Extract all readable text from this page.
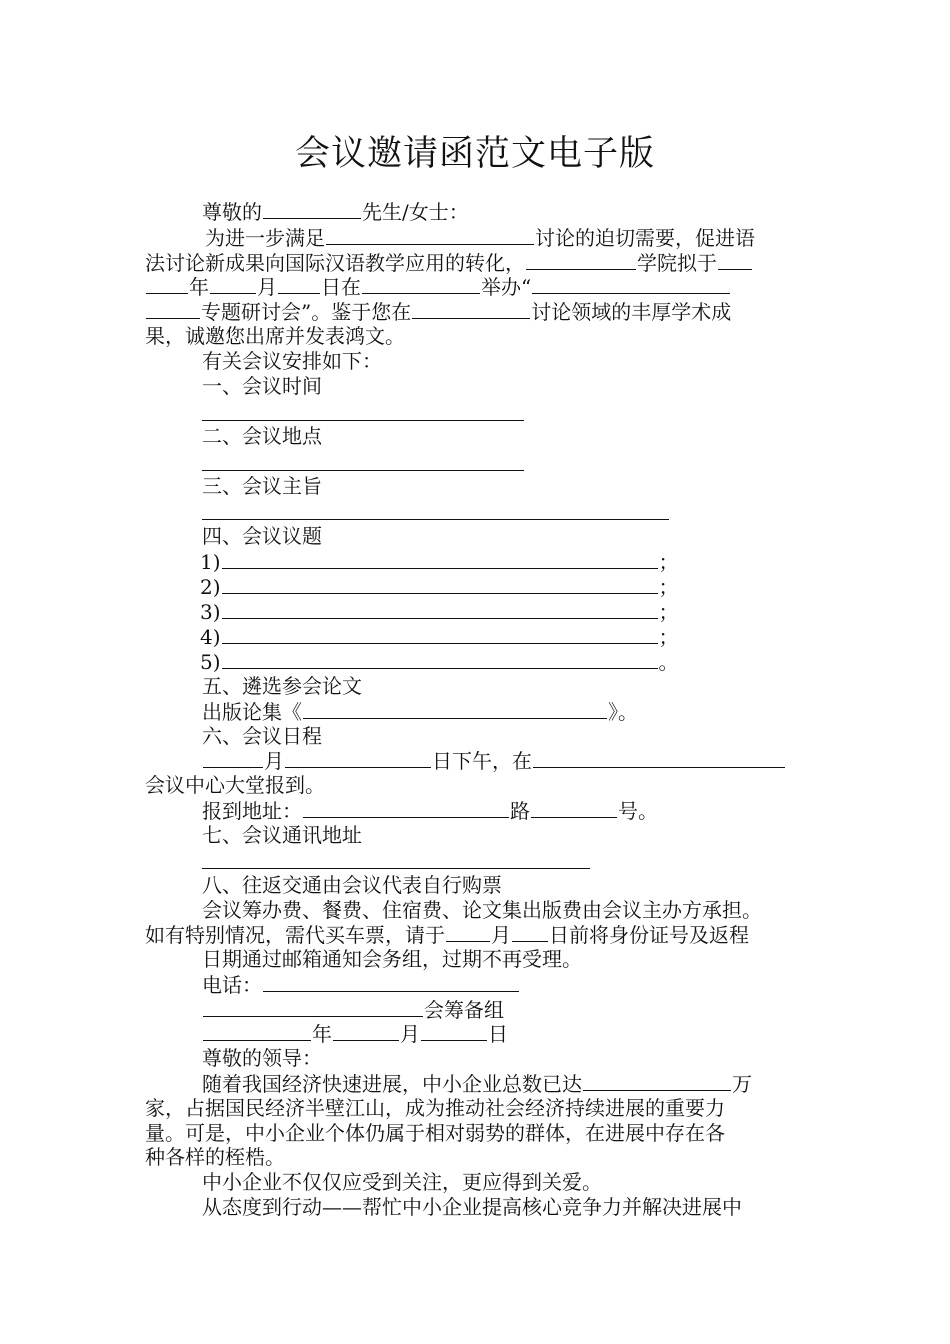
会议邀请函范文电子版
尊敬的	先生/女士：
为进一步满足	讨论的迫切需要，促进语
法讨论新成果向国际汉语教学应用的转化，	学院拟于
年 月 日在	举办“
专题研讨会”。鉴于您在	讨论领域的丰厚学术成
果，诚邀您出席并发表鸿文。
有关会议安排如下：
一、会议时间
二、会议地点
三、会议主旨
四、会议议题
1)	；
2)	；
3)	；
4)	；
5)	。
五、遴选参会论文
出版论集《	》。
六、会议日程
月	日下午，在
会议中心大堂报到。
报到地址：	路	号。
七、会议通讯地址
八、往返交通由会议代表自行购票
会议筹办费、餐费、住宿费、论文集出版费由会议主办方承担。
如有特别情况，需代买车票，请于 月 日前将身份证号及返程
日期通过邮箱通知会务组，过期不再受理。
电话：
会筹备组
年	月	日
尊敬的领导：
随着我国经济快速进展，中小企业总数已达	万
家，占据国民经济半壁江山，成为推动社会经济持续进展的重要力
量。可是，中小企业个体仍属于相对弱势的群体，在进展中存在各
种各样的桎梏。
中小企业不仅仅应受到关注，更应得到关爱。
从态度到行动——帮忙中小企业提高核心竞争力并解决进展中
